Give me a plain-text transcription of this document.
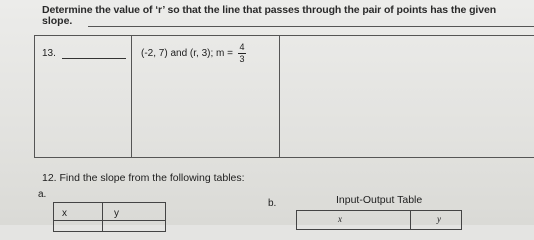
Determine the value of ‘r’ so that the line that passes through the pair of points has the given
slope.
13.	(-2, 7) and (r, 3); $m = \frac{4}{3}$
12. Find the slope from the following tables:
a.
x	y
b.	Input-Output Table
x	y
